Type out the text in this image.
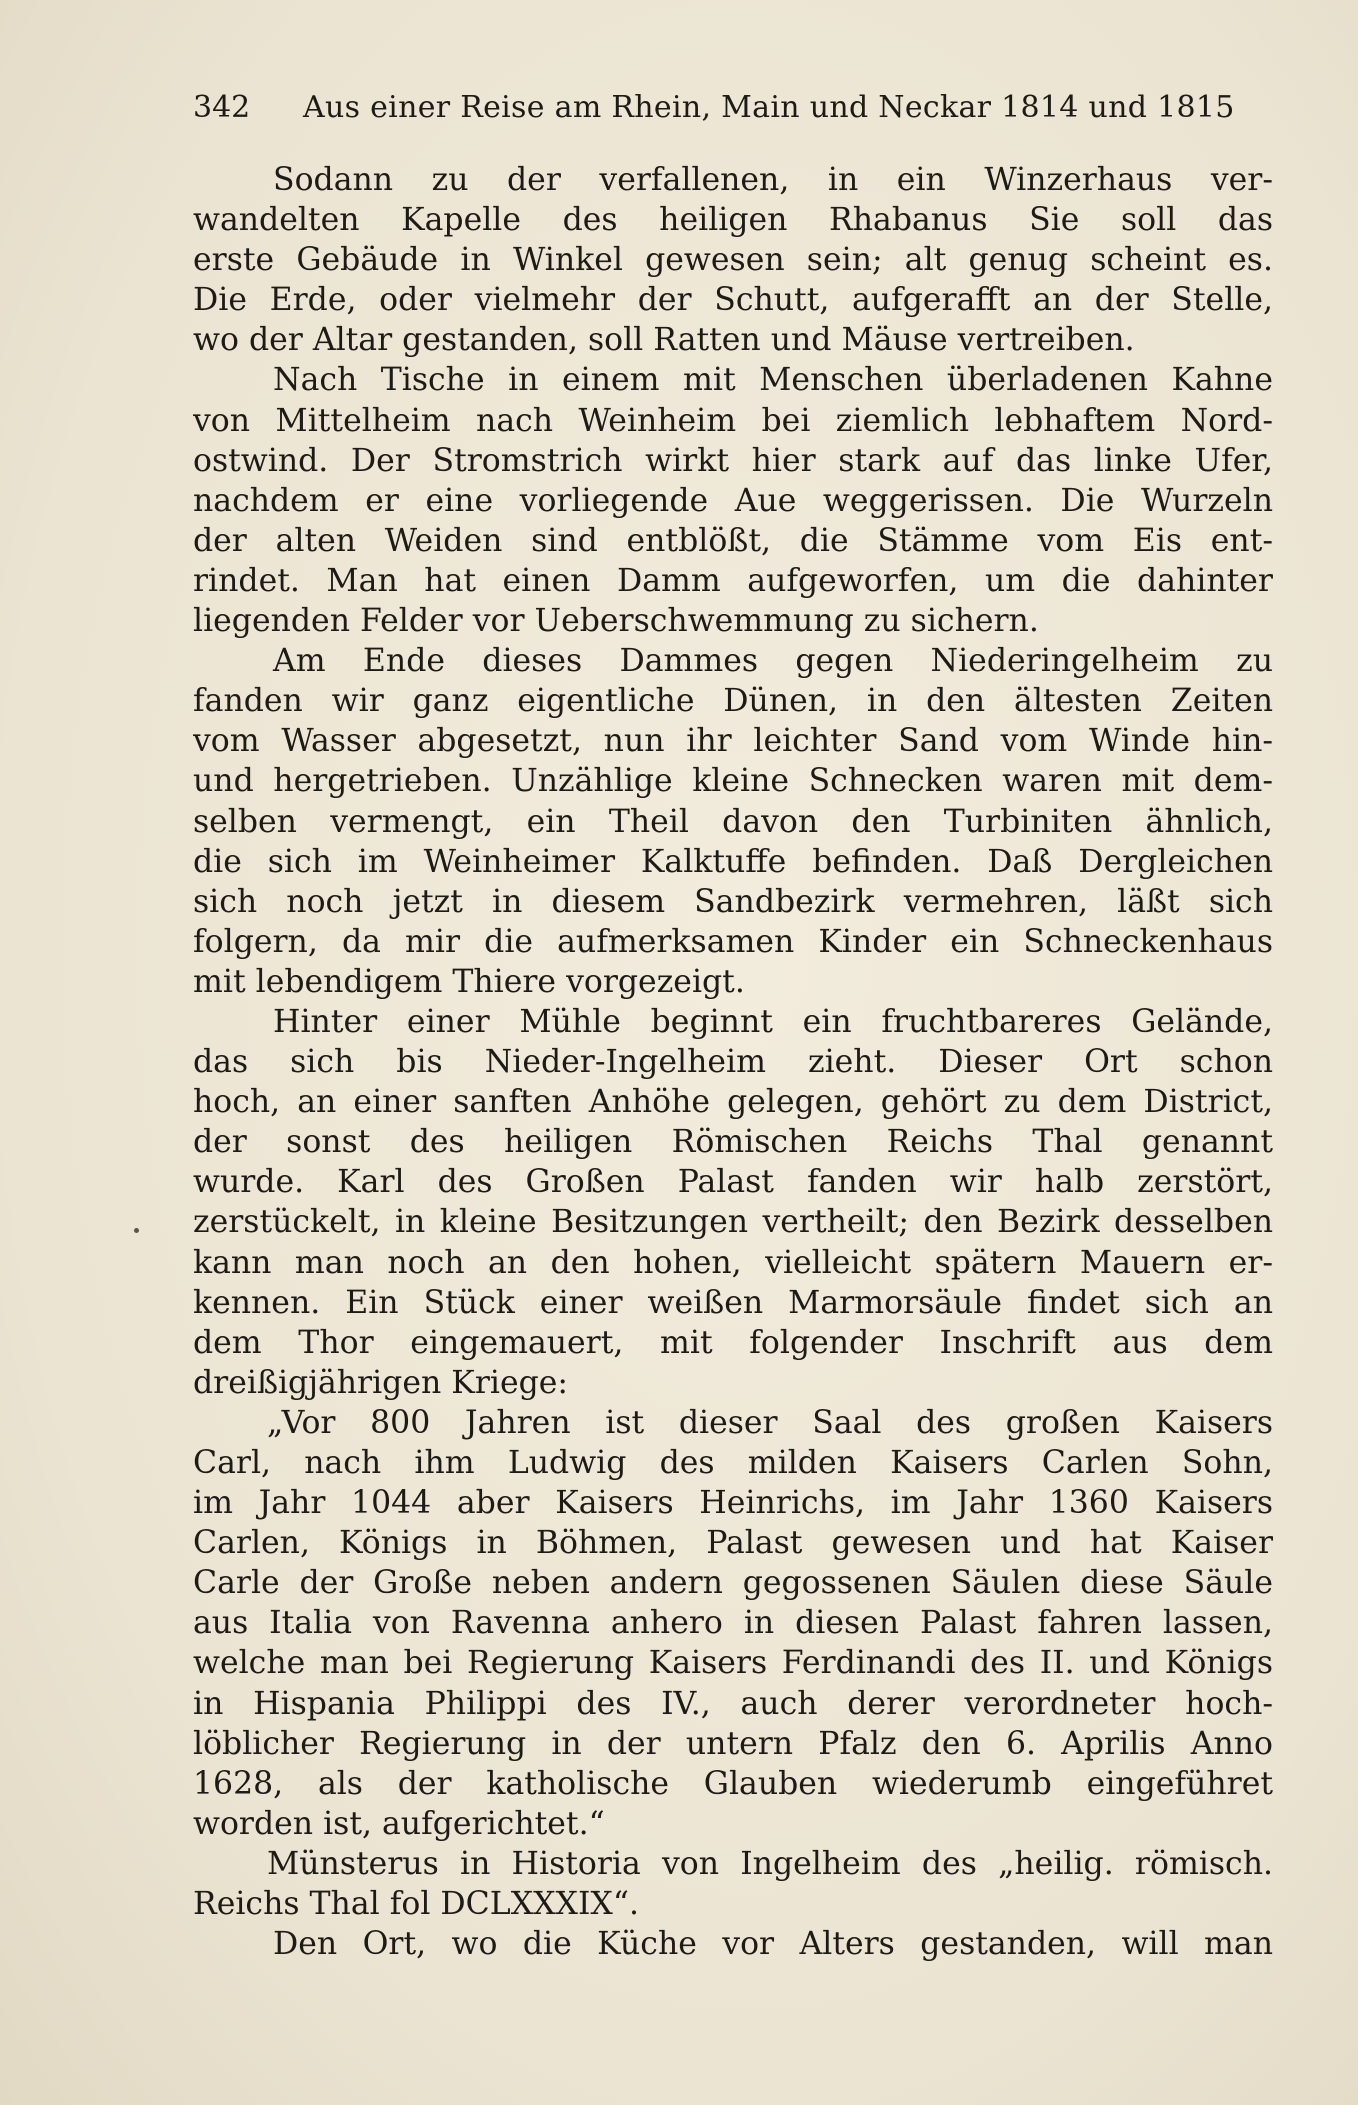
342 Aus einer Reise am Rhein, Main und Neckar 1814 und 1815
Sodann zu der verfallenen, in ein Winzerhaus ver-
wandelten Kapelle des heiligen Rhabanus Sie soll das
erste Gebäude in Winkel gewesen sein; alt genug scheint es.
Die Erde, oder vielmehr der Schutt, aufgerafft an der Stelle,
wo der Altar gestanden, soll Ratten und Mäuse vertreiben.
Nach Tische in einem mit Menschen überladenen Kahne
von Mittelheim nach Weinheim bei ziemlich lebhaftem Nord-
ostwind. Der Stromstrich wirkt hier stark auf das linke Ufer,
nachdem er eine vorliegende Aue weggerissen. Die Wurzeln
der alten Weiden sind entblößt, die Stämme vom Eis ent-
rindet. Man hat einen Damm aufgeworfen, um die dahinter
liegenden Felder vor Ueberschwemmung zu sichern.
Am Ende dieses Dammes gegen Niederingelheim zu
fanden wir ganz eigentliche Dünen, in den ältesten Zeiten
vom Wasser abgesetzt, nun ihr leichter Sand vom Winde hin-
und hergetrieben. Unzählige kleine Schnecken waren mit dem-
selben vermengt, ein Theil davon den Turbiniten ähnlich,
die sich im Weinheimer Kalktuffe befinden. Daß Dergleichen
sich noch jetzt in diesem Sandbezirk vermehren, läßt sich
folgern, da mir die aufmerksamen Kinder ein Schneckenhaus
mit lebendigem Thiere vorgezeigt.
Hinter einer Mühle beginnt ein fruchtbareres Gelände,
das sich bis Nieder-Ingelheim zieht. Dieser Ort schon
hoch, an einer sanften Anhöhe gelegen, gehört zu dem District,
der sonst des heiligen Römischen Reichs Thal genannt
wurde. Karl des Großen Palast fanden wir halb zerstört,
zerstückelt, in kleine Besitzungen vertheilt; den Bezirk desselben
kann man noch an den hohen, vielleicht spätern Mauern er-
kennen. Ein Stück einer weißen Marmorsäule findet sich an
dem Thor eingemauert, mit folgender Inschrift aus dem
dreißigjährigen Kriege:
„Vor 800 Jahren ist dieser Saal des großen Kaisers
Carl, nach ihm Ludwig des milden Kaisers Carlen Sohn,
im Jahr 1044 aber Kaisers Heinrichs, im Jahr 1360 Kaisers
Carlen, Königs in Böhmen, Palast gewesen und hat Kaiser
Carle der Große neben andern gegossenen Säulen diese Säule
aus Italia von Ravenna anhero in diesen Palast fahren lassen,
welche man bei Regierung Kaisers Ferdinandi des II. und Königs
in Hispania Philippi des IV., auch derer verordneter hoch-
löblicher Regierung in der untern Pfalz den 6. Aprilis Anno
1628, als der katholische Glauben wiederumb eingeführet
worden ist, aufgerichtet.“
Münsterus in Historia von Ingelheim des „heilig. römisch.
Reichs Thal fol DCLXXXIX“.
Den Ort, wo die Küche vor Alters gestanden, will man
